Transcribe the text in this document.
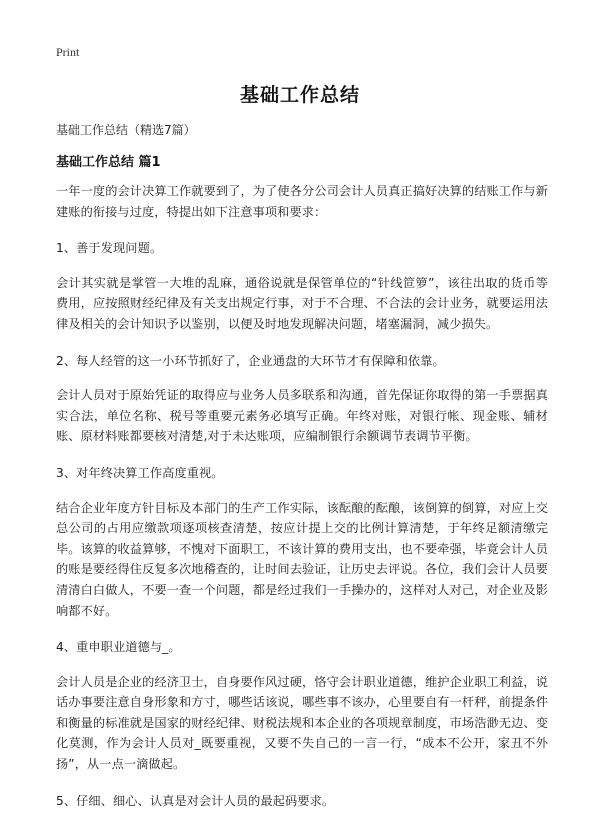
Print
基础工作总结
基础工作总结（精选7篇）
基础工作总结 篇1

一年一度的会计决算工作就要到了，为了使各分公司会计人员真正搞好决算的结账工作与新建账的衔接与过度，特提出如下注意事项和要求：

1、善于发现问题。

会计其实就是掌管一大堆的乱麻，通俗说就是保管单位的“针线笸箩”，该往出取的货币等费用，应按照财经纪律及有关支出规定行事，对于不合理、不合法的会计业务，就要运用法律及相关的会计知识予以鉴别，以便及时地发现解决问题，堵塞漏洞，减少损失。

2、每人经管的这一小环节抓好了，企业通盘的大环节才有保障和依靠。

会计人员对于原始凭证的取得应与业务人员多联系和沟通，首先保证你取得的第一手票据真实合法，单位名称、税号等重要元素务必填写正确。年终对账，对银行帐、现金账、辅材账、原材料账都要核对清楚,对于未达账项，应编制银行余额调节表调节平衡。

3、对年终决算工作高度重视。

结合企业年度方针目标及本部门的生产工作实际，该酝酿的酝酿，该倒算的倒算，对应上交总公司的占用应缴款项逐项核查清楚，按应计提上交的比例计算清楚，于年终足额清缴完毕。该算的收益算够，不愧对下面职工，不该计算的费用支出，也不要牵强，毕竟会计人员的账是要经得住反复多次地稽查的，让时间去验证，让历史去评说。各位，我们会计人员要清清白白做人，不要一查一个问题，都是经过我们一手操办的，这样对人对己，对企业及影响都不好。

4、重申职业道德与_。

会计人员是企业的经济卫士，自身要作风过硬，恪守会计职业道德，维护企业职工利益，说话办事要注意自身形象和方寸，哪些话该说，哪些事不该办，心里要自有一杆秤，前提条件和衡量的标准就是国家的财经纪律、财税法规和本企业的各项规章制度，市场浩渺无边、变化莫测，作为会计人员对_既要重视，又要不失自己的一言一行，“成本不公开，家丑不外扬”，从一点一滴做起。

5、仔细、细心、认真是对会计人员的最起码要求。
